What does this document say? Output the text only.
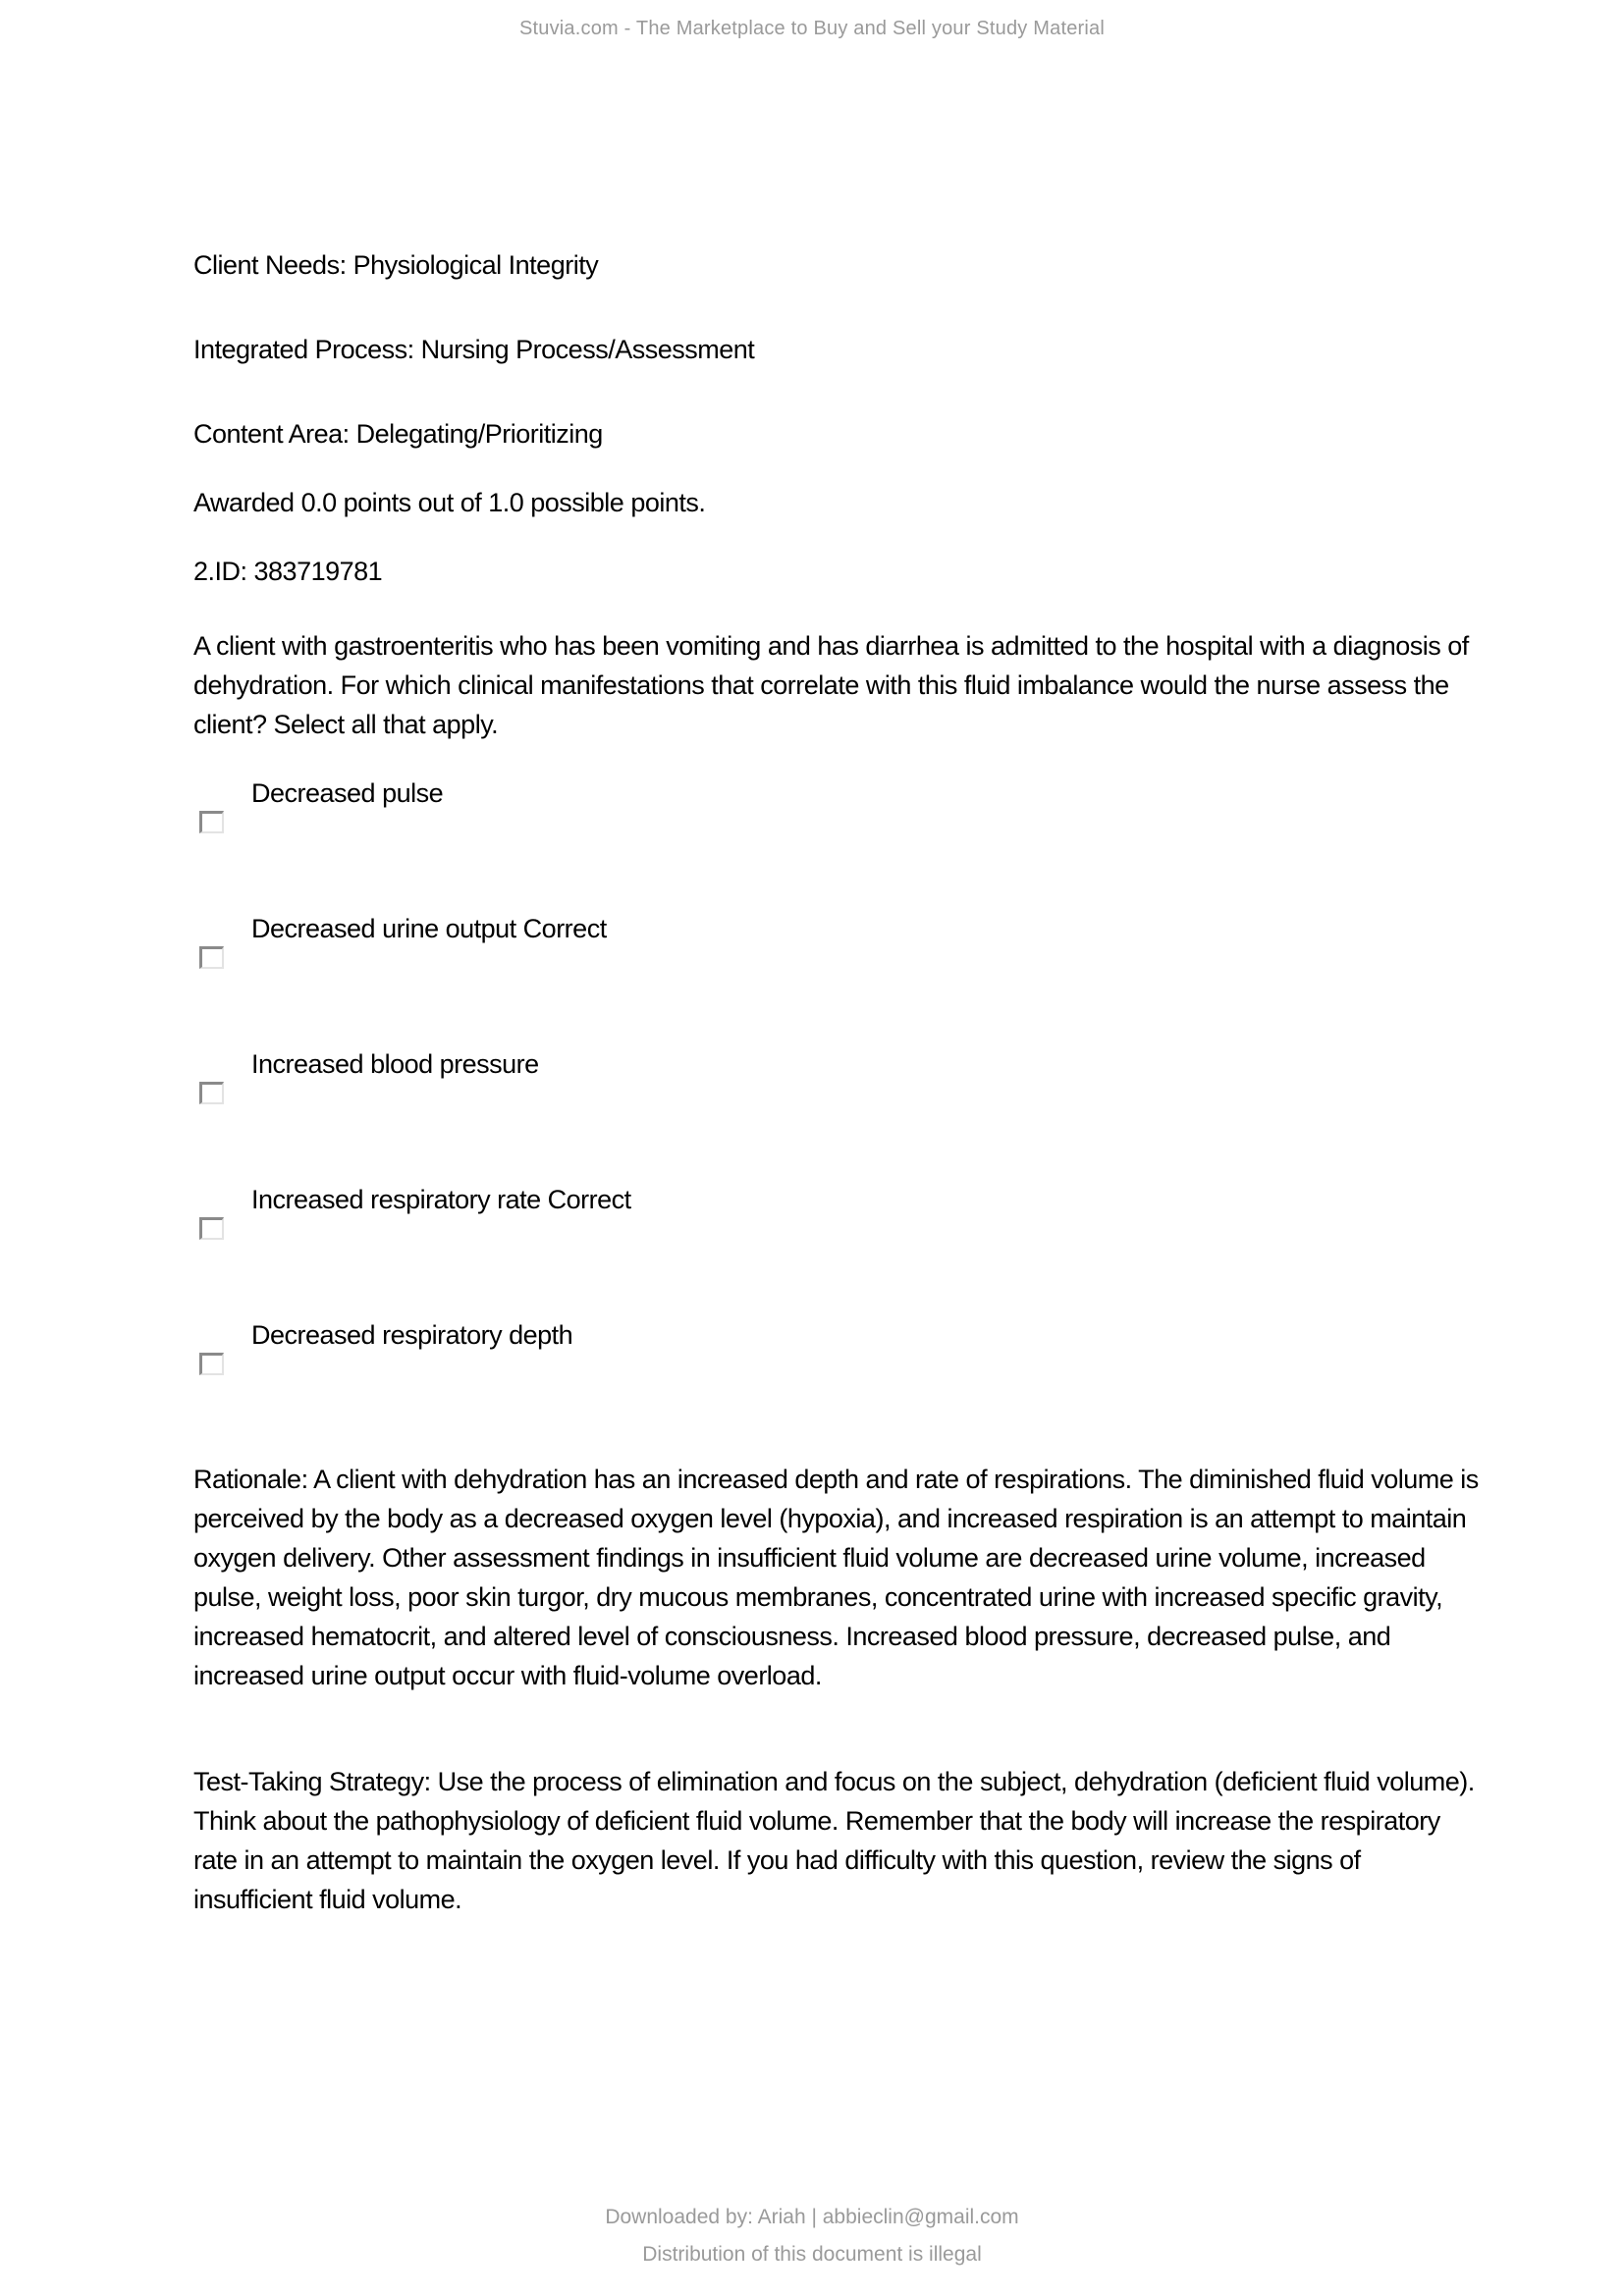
Stuvia.com - The Marketplace to Buy and Sell your Study Material

Client Needs: Physiological Integrity

Integrated Process: Nursing Process/Assessment

Content Area: Delegating/Prioritizing

Awarded 0.0 points out of 1.0 possible points.

2.ID: 383719781

A client with gastroenteritis who has been vomiting and has diarrhea is admitted to the hospital with a diagnosis of dehydration. For which clinical manifestations that correlate with this fluid imbalance would the nurse assess the client? Select all that apply.

Decreased pulse
Decreased urine output Correct
Increased blood pressure
Increased respiratory rate Correct
Decreased respiratory depth

Rationale: A client with dehydration has an increased depth and rate of respirations. The diminished fluid volume is perceived by the body as a decreased oxygen level (hypoxia), and increased respiration is an attempt to maintain oxygen delivery. Other assessment findings in insufficient fluid volume are decreased urine volume, increased pulse, weight loss, poor skin turgor, dry mucous membranes, concentrated urine with increased specific gravity, increased hematocrit, and altered level of consciousness. Increased blood pressure, decreased pulse, and increased urine output occur with fluid-volume overload.

Test-Taking Strategy: Use the process of elimination and focus on the subject, dehydration (deficient fluid volume). Think about the pathophysiology of deficient fluid volume. Remember that the body will increase the respiratory rate in an attempt to maintain the oxygen level. If you had difficulty with this question, review the signs of insufficient fluid volume.

Downloaded by: Ariah | abbieclin@gmail.com
Distribution of this document is illegal
